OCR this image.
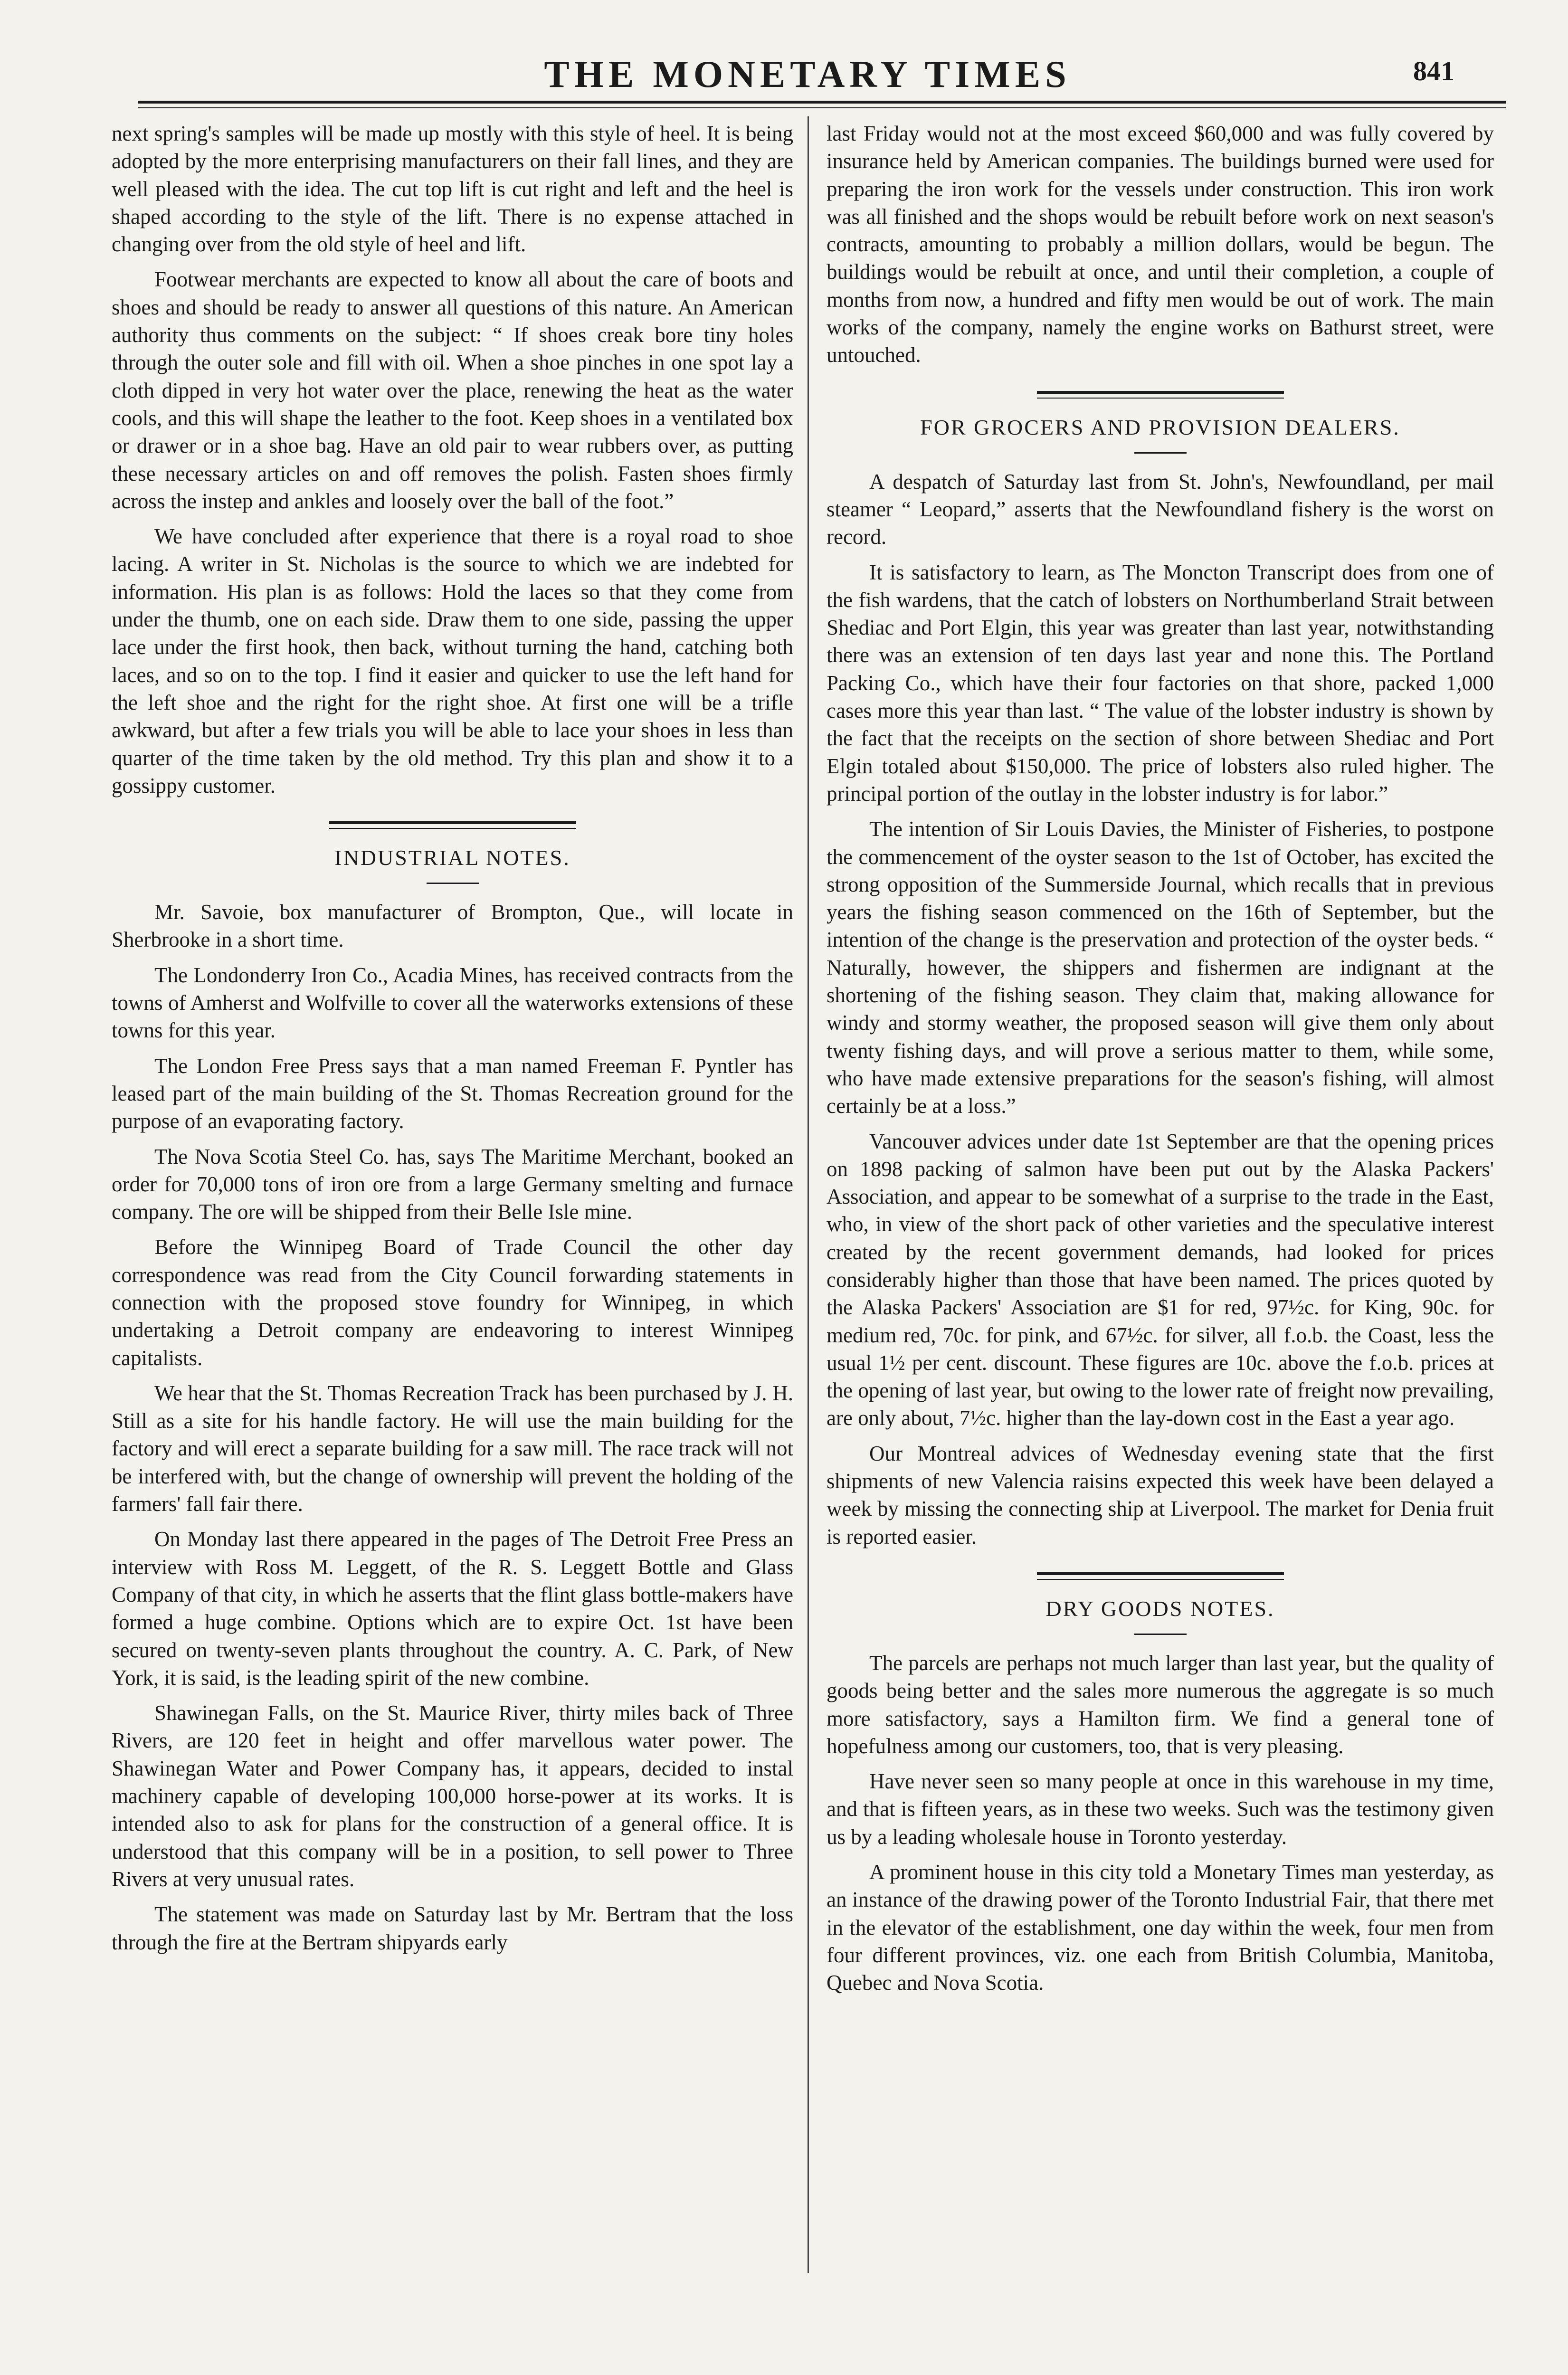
THE MONETARY TIMES	841

next spring's samples will be made up mostly with this style of heel. It is being adopted by the more enterprising manufacturers on their fall lines, and they are well pleased with the idea. The cut top lift is cut right and left and the heel is shaped according to the style of the lift. There is no expense attached in changing over from the old style of heel and lift.

Footwear merchants are expected to know all about the care of boots and shoes and should be ready to answer all questions of this nature. An American authority thus comments on the subject: “ If shoes creak bore tiny holes through the outer sole and fill with oil. When a shoe pinches in one spot lay a cloth dipped in very hot water over the place, renewing the heat as the water cools, and this will shape the leather to the foot. Keep shoes in a ventilated box or drawer or in a shoe bag. Have an old pair to wear rubbers over, as putting these necessary articles on and off removes the polish. Fasten shoes firmly across the instep and ankles and loosely over the ball of the foot.”

We have concluded after experience that there is a royal road to shoe lacing. A writer in St. Nicholas is the source to which we are indebted for information. His plan is as follows: Hold the laces so that they come from under the thumb, one on each side. Draw them to one side, passing the upper lace under the first hook, then back, without turning the hand, catching both laces, and so on to the top. I find it easier and quicker to use the left hand for the left shoe and the right for the right shoe. At first one will be a trifle awkward, but after a few trials you will be able to lace your shoes in less than quarter of the time taken by the old method. Try this plan and show it to a gossippy customer.

INDUSTRIAL NOTES.

Mr. Savoie, box manufacturer of Brompton, Que., will locate in Sherbrooke in a short time.

The Londonderry Iron Co., Acadia Mines, has received contracts from the towns of Amherst and Wolfville to cover all the waterworks extensions of these towns for this year.

The London Free Press says that a man named Freeman F. Pyntler has leased part of the main building of the St. Thomas Recreation ground for the purpose of an evaporating factory.

The Nova Scotia Steel Co. has, says The Maritime Merchant, booked an order for 70,000 tons of iron ore from a large Germany smelting and furnace company. The ore will be shipped from their Belle Isle mine.

Before the Winnipeg Board of Trade Council the other day correspondence was read from the City Council forwarding statements in connection with the proposed stove foundry for Winnipeg, in which undertaking a Detroit company are endeavoring to interest Winnipeg capitalists.

We hear that the St. Thomas Recreation Track has been purchased by J. H. Still as a site for his handle factory. He will use the main building for the factory and will erect a separate building for a saw mill. The race track will not be interfered with, but the change of ownership will prevent the holding of the farmers' fall fair there.

On Monday last there appeared in the pages of The Detroit Free Press an interview with Ross M. Leggett, of the R. S. Leggett Bottle and Glass Company of that city, in which he asserts that the flint glass bottle-makers have formed a huge combine. Options which are to expire Oct. 1st have been secured on twenty-seven plants throughout the country. A. C. Park, of New York, it is said, is the leading spirit of the new combine.

Shawinegan Falls, on the St. Maurice River, thirty miles back of Three Rivers, are 120 feet in height and offer marvellous water power. The Shawinegan Water and Power Company has, it appears, decided to instal machinery capable of developing 100,000 horse-power at its works. It is intended also to ask for plans for the construction of a general office. It is understood that this company will be in a position, to sell power to Three Rivers at very unusual rates.

The statement was made on Saturday last by Mr. Bertram that the loss through the fire at the Bertram shipyards early

last Friday would not at the most exceed $60,000 and was fully covered by insurance held by American companies. The buildings burned were used for preparing the iron work for the vessels under construction. This iron work was all finished and the shops would be rebuilt before work on next season's contracts, amounting to probably a million dollars, would be begun. The buildings would be rebuilt at once, and until their completion, a couple of months from now, a hundred and fifty men would be out of work. The main works of the company, namely the engine works on Bathurst street, were untouched.

FOR GROCERS AND PROVISION DEALERS.

A despatch of Saturday last from St. John's, Newfoundland, per mail steamer “ Leopard,” asserts that the Newfoundland fishery is the worst on record.

It is satisfactory to learn, as The Moncton Transcript does from one of the fish wardens, that the catch of lobsters on Northumberland Strait between Shediac and Port Elgin, this year was greater than last year, notwithstanding there was an extension of ten days last year and none this. The Portland Packing Co., which have their four factories on that shore, packed 1,000 cases more this year than last. “ The value of the lobster industry is shown by the fact that the receipts on the section of shore between Shediac and Port Elgin totaled about $150,000. The price of lobsters also ruled higher. The principal portion of the outlay in the lobster industry is for labor.”

The intention of Sir Louis Davies, the Minister of Fisheries, to postpone the commencement of the oyster season to the 1st of October, has excited the strong opposition of the Summerside Journal, which recalls that in previous years the fishing season commenced on the 16th of September, but the intention of the change is the preservation and protection of the oyster beds. “ Naturally, however, the shippers and fishermen are indignant at the shortening of the fishing season. They claim that, making allowance for windy and stormy weather, the proposed season will give them only about twenty fishing days, and will prove a serious matter to them, while some, who have made extensive preparations for the season's fishing, will almost certainly be at a loss.”

Vancouver advices under date 1st September are that the opening prices on 1898 packing of salmon have been put out by the Alaska Packers' Association, and appear to be somewhat of a surprise to the trade in the East, who, in view of the short pack of other varieties and the speculative interest created by the recent government demands, had looked for prices considerably higher than those that have been named. The prices quoted by the Alaska Packers' Association are $1 for red, 97½c. for King, 90c. for medium red, 70c. for pink, and 67½c. for silver, all f.o.b. the Coast, less the usual 1½ per cent. discount. These figures are 10c. above the f.o.b. prices at the opening of last year, but owing to the lower rate of freight now prevailing, are only about, 7½c. higher than the lay-down cost in the East a year ago.

Our Montreal advices of Wednesday evening state that the first shipments of new Valencia raisins expected this week have been delayed a week by missing the connecting ship at Liverpool. The market for Denia fruit is reported easier.

DRY GOODS NOTES.

The parcels are perhaps not much larger than last year, but the quality of goods being better and the sales more numerous the aggregate is so much more satisfactory, says a Hamilton firm. We find a general tone of hopefulness among our customers, too, that is very pleasing.

Have never seen so many people at once in this warehouse in my time, and that is fifteen years, as in these two weeks. Such was the testimony given us by a leading wholesale house in Toronto yesterday.

A prominent house in this city told a Monetary Times man yesterday, as an instance of the drawing power of the Toronto Industrial Fair, that there met in the elevator of the establishment, one day within the week, four men from four different provinces, viz. one each from British Columbia, Manitoba, Quebec and Nova Scotia.
